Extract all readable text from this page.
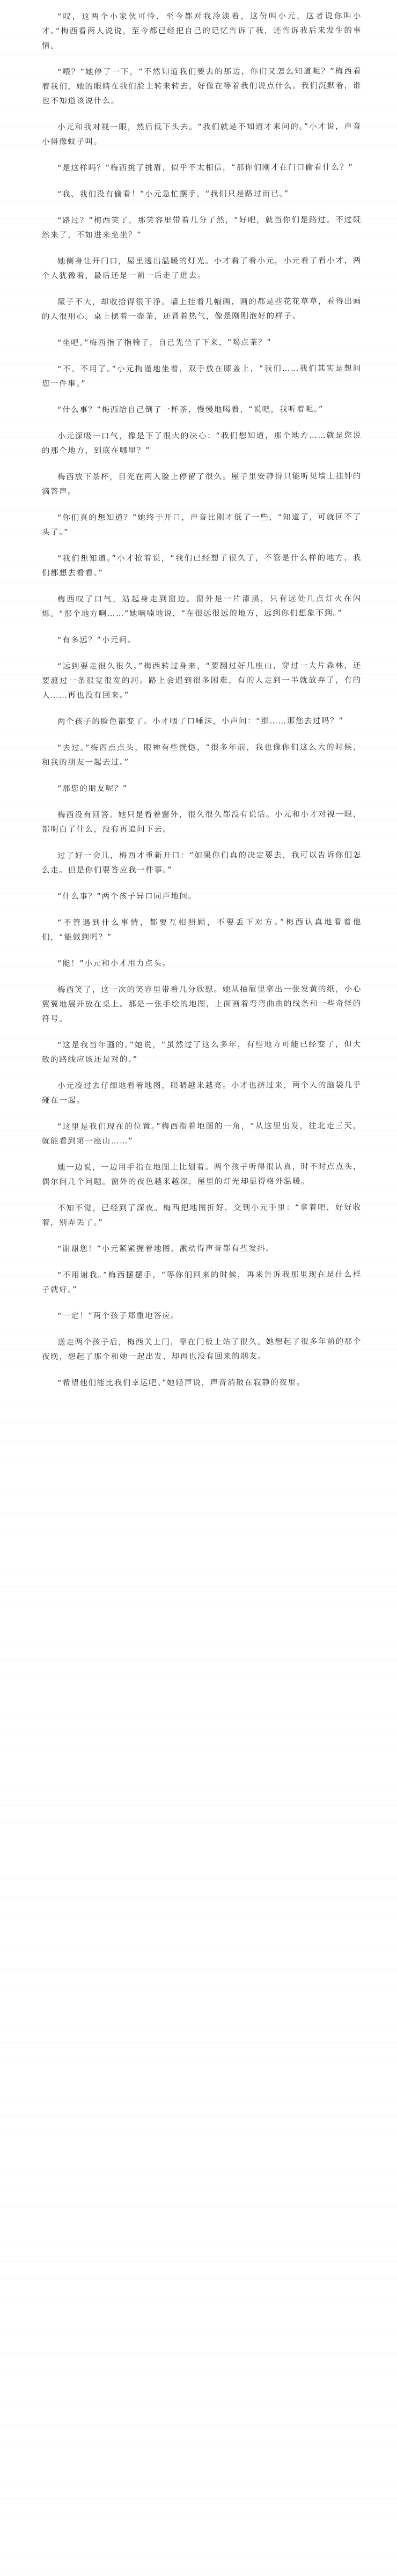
“叹，这两个小家伙可怜，至今都对我冷淡着，这份叫小元，这者说你叫小才。”梅西看两人说说，至今都已经把自己的记忆告诉了我，还告诉我后来发生的事情。

“喂？”她停了一下，“不然知道我们要去的那边，你们又怎么知道呢？”梅西看着我们，她的眼睛在我们脸上转来转去，好像在等着我们说点什么。我们沉默着，谁也不知道该说什么。

小元和我对视一眼，然后低下头去。“我们就是不知道才来问的。”小才说，声音小得像蚊子叫。

“是这样吗？”梅西挑了挑眉，似乎不太相信，“那你们刚才在门口偷看什么？”

“我、我们没有偷看！”小元急忙摆手，“我们只是路过而已。”

“路过？”梅西笑了，那笑容里带着几分了然，“好吧，就当你们是路过。不过既然来了，不如进来坐坐？”

她侧身让开门口，屋里透出温暖的灯光。小才看了看小元，小元看了看小才，两个人犹豫着，最后还是一前一后走了进去。

屋子不大，却收拾得很干净。墙上挂着几幅画，画的都是些花花草草，看得出画的人很用心。桌上摆着一壶茶，还冒着热气，像是刚刚泡好的样子。

“坐吧。”梅西指了指椅子，自己先坐了下来，“喝点茶？”

“不、不用了。”小元拘谨地坐着，双手放在膝盖上，“我们……我们其实是想问您一件事。”

“什么事？”梅西给自己倒了一杯茶，慢慢地喝着，“说吧，我听着呢。”

小元深吸一口气，像是下了很大的决心：“我们想知道，那个地方……就是您说的那个地方，到底在哪里？”

梅西放下茶杯，目光在两人脸上停留了很久。屋子里安静得只能听见墙上挂钟的滴答声。

“你们真的想知道？”她终于开口，声音比刚才低了一些，“知道了，可就回不了头了。”

“我们想知道。”小才抢着说，“我们已经想了很久了，不管是什么样的地方，我们都想去看看。”

梅西叹了口气，站起身走到窗边。窗外是一片漆黑，只有远处几点灯火在闪烁。“那个地方啊……”她喃喃地说，“在很远很远的地方，远到你们想象不到。”

“有多远？”小元问。

“远到要走很久很久。”梅西转过身来，“要翻过好几座山，穿过一大片森林，还要渡过一条很宽很宽的河。路上会遇到很多困难，有的人走到一半就放弃了，有的人……再也没有回来。”

两个孩子的脸色都变了。小才咽了口唾沫，小声问：“那……那您去过吗？”

“去过。”梅西点点头，眼神有些恍惚，“很多年前，我也像你们这么大的时候，和我的朋友一起去过。”

“那您的朋友呢？”

梅西没有回答。她只是看着窗外，很久很久都没有说话。小元和小才对视一眼，都明白了什么，没有再追问下去。

过了好一会儿，梅西才重新开口：“如果你们真的决定要去，我可以告诉你们怎么走。但是你们要答应我一件事。”

“什么事？”两个孩子异口同声地问。

“不管遇到什么事情，都要互相照顾，不要丢下对方。”梅西认真地看着他们，“能做到吗？”

“能！”小元和小才用力点头。

梅西笑了，这一次的笑容里带着几分欣慰。她从抽屉里拿出一张发黄的纸，小心翼翼地展开放在桌上。那是一张手绘的地图，上面画着弯弯曲曲的线条和一些奇怪的符号。

“这是我当年画的。”她说，“虽然过了这么多年，有些地方可能已经变了，但大致的路线应该还是对的。”

小元凑过去仔细地看着地图，眼睛越来越亮。小才也挤过来，两个人的脑袋几乎碰在一起。

“这里是我们现在的位置。”梅西指着地图的一角，“从这里出发，往北走三天，就能看到第一座山……”

她一边说，一边用手指在地图上比划着。两个孩子听得很认真，时不时点点头，偶尔问几个问题。窗外的夜色越来越深，屋里的灯光却显得格外温暖。

不知不觉，已经到了深夜。梅西把地图折好，交到小元手里：“拿着吧，好好收着，别弄丢了。”

“谢谢您！”小元紧紧握着地图，激动得声音都有些发抖。

“不用谢我。”梅西摆摆手，“等你们回来的时候，再来告诉我那里现在是什么样子就好。”

“一定！”两个孩子郑重地答应。

送走两个孩子后，梅西关上门，靠在门板上站了很久。她想起了很多年前的那个夜晚，想起了那个和她一起出发、却再也没有回来的朋友。

“希望他们能比我们幸运吧。”她轻声说，声音消散在寂静的夜里。
